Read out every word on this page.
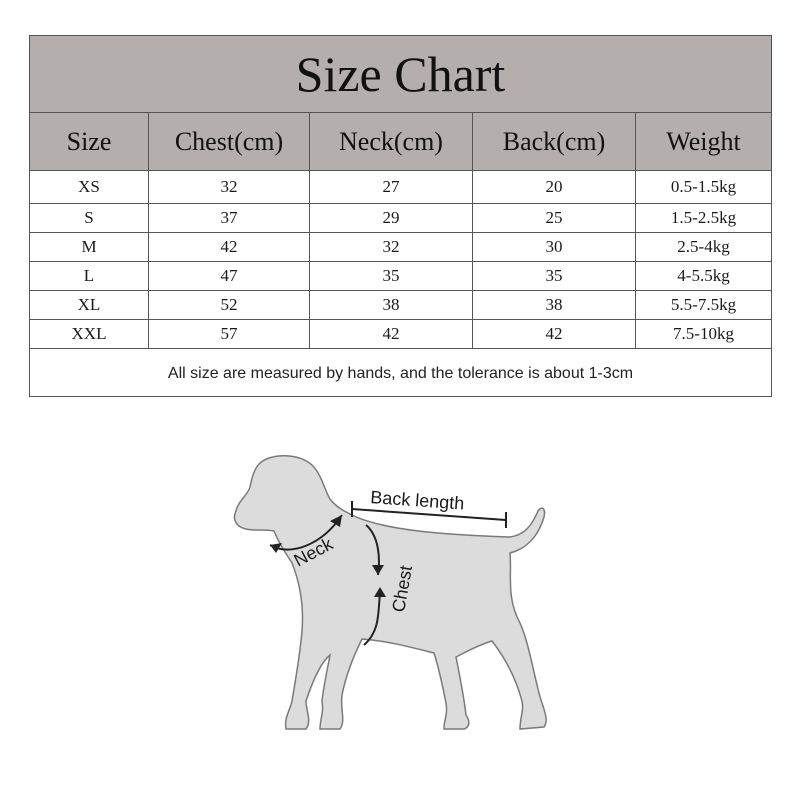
Size Chart
Size	Chest(cm)	Neck(cm)	Back(cm)	Weight
XS	32	27	20	0.5-1.5kg
S	37	29	25	1.5-2.5kg
M	42	32	30	2.5-4kg
L	47	35	35	4-5.5kg
XL	52	38	38	5.5-7.5kg
XXL	57	42	42	7.5-10kg
All size are measured by hands, and the tolerance is about 1-3cm
Back length
Neck
Chest
